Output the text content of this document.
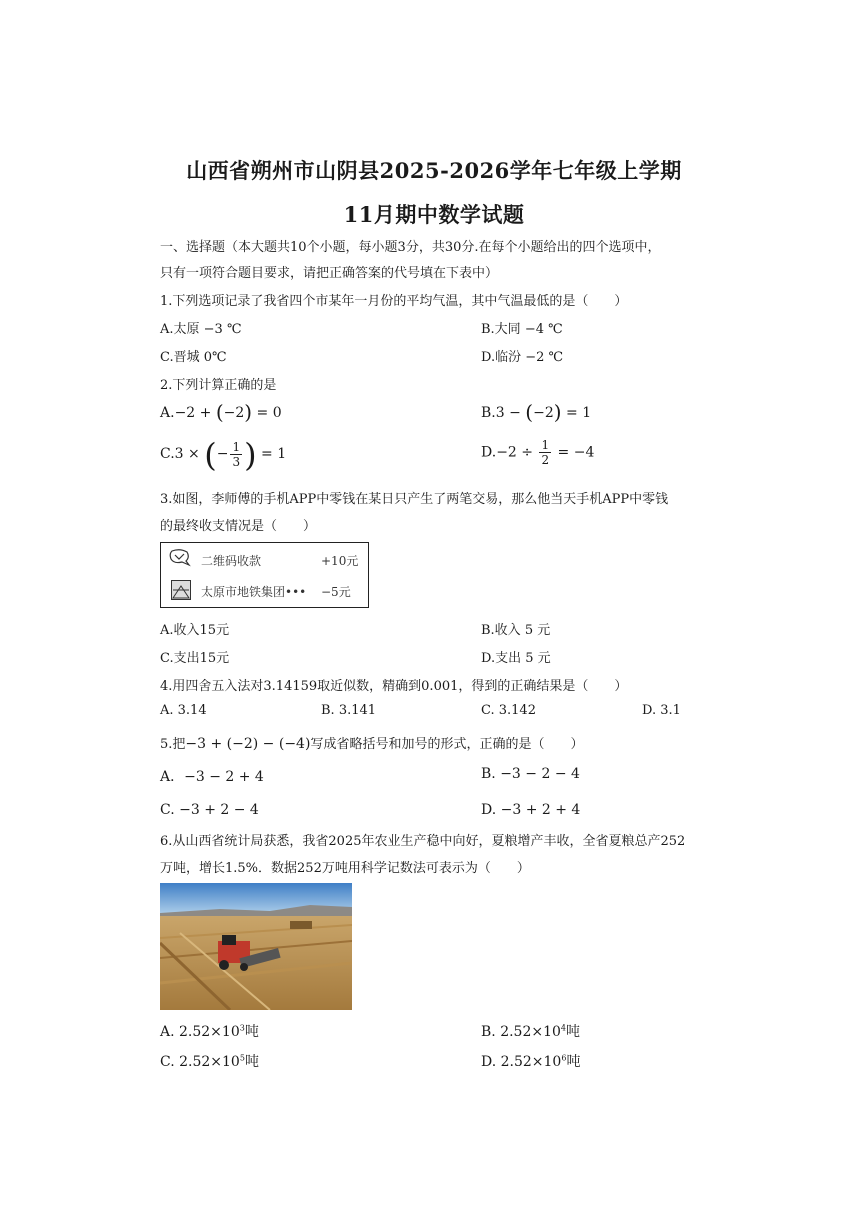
山西省朔州市山阴县2025-2026学年七年级上学期
11月期中数学试题
一、选择题（本大题共10个小题，每小题3分，共30分.在每个小题给出的四个选项中，
只有一项符合题目要求，请把正确答案的代号填在下表中）
1.下列选项记录了我省四个市某年一月份的平均气温，其中气温最低的是（　　）
A.太原 −3 ℃	B.大同 −4 ℃
C.晋城 0℃	D.临汾 −2 ℃
2.下列计算正确的是
A.−2 + (−2) = 0	B.3 − (−2) = 1
C.3 × (− $\frac{1}{3}$ ) = 1	$D.-2 \div \frac{1}{2} = -4$
3.如图，李师傅的手机APP中零钱在某日只产生了两笔交易，那么他当天手机APP中零钱
的最终收支情况是（　　）
二维码收款	+10元
太原市地铁集团••• −5元
A.收入15元	B.收入 5 元
C.支出15元	D.支出 5 元
4.用四舍五入法对3.14159取近似数，精确到0.001，得到的正确结果是（　　）
A. 3.14	B. 3.141	C. 3.142	D. 3.1
5.把−3 + (−2) − (−4)写成省略括号和加号的形式，正确的是（　　）
A．−3 − 2 + 4	B. −3 − 2 − 4
C. −3 + 2 − 4	D. −3 + 2 + 4
6.从山西省统计局获悉，我省2025年农业生产稳中向好，夏粮增产丰收，全省夏粮总产252
万吨，增长1.5%．数据252万吨用科学记数法可表示为（　　）
A. $2.52\times 10^3$吨	B. $2.52\times 10^4$吨
C. $2.52\times 10^5$吨	D. $2.52\times 10^6$吨
